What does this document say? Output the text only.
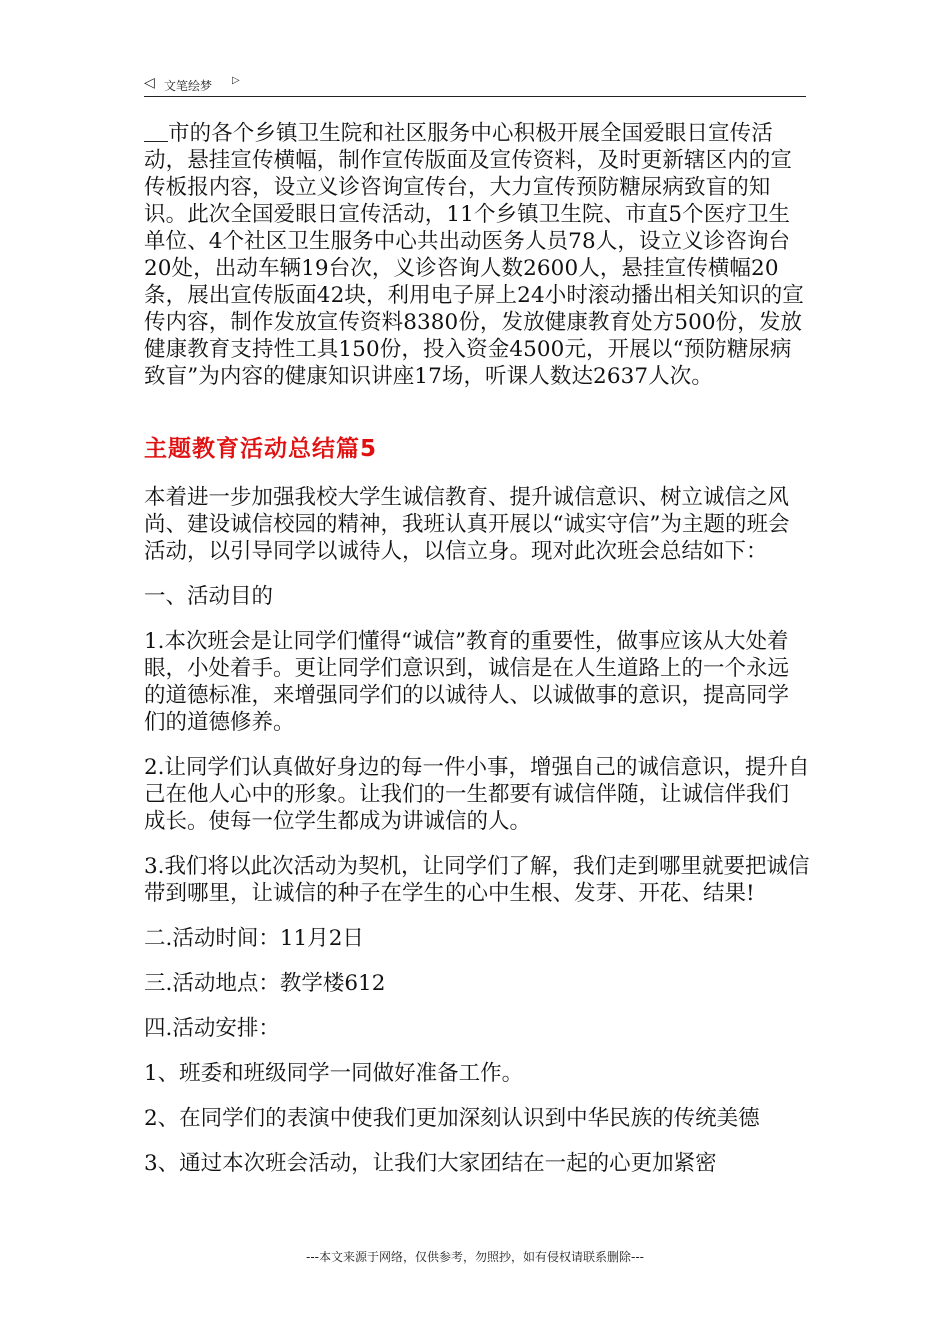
◁ 文笔绘梦 ▷

市的各个乡镇卫生院和社区服务中心积极开展全国爱眼日宣传活动，悬挂宣传横幅，制作宣传版面及宣传资料，及时更新辖区内的宣传板报内容，设立义诊咨询宣传台，大力宣传预防糖尿病致盲的知识。此次全国爱眼日宣传活动，11个乡镇卫生院、市直5个医疗卫生单位、4个社区卫生服务中心共出动医务人员78人，设立义诊咨询台20处，出动车辆19台次，义诊咨询人数2600人，悬挂宣传横幅20条，展出宣传版面42块，利用电子屏上24小时滚动播出相关知识的宣传内容，制作发放宣传资料8380份，发放健康教育处方500份，发放健康教育支持性工具150份，投入资金4500元，开展以“预防糖尿病致盲”为内容的健康知识讲座17场，听课人数达2637人次。

主题教育活动总结篇5

本着进一步加强我校大学生诚信教育、提升诚信意识、树立诚信之风尚、建设诚信校园的精神，我班认真开展以“诚实守信”为主题的班会活动，以引导同学以诚待人，以信立身。现对此次班会总结如下：

一、活动目的

1.本次班会是让同学们懂得“诚信”教育的重要性，做事应该从大处着眼，小处着手。更让同学们意识到，诚信是在人生道路上的一个永远的道德标准，来增强同学们的以诚待人、以诚做事的意识，提高同学们的道德修养。

2.让同学们认真做好身边的每一件小事，增强自己的诚信意识，提升自己在他人心中的形象。让我们的一生都要有诚信伴随，让诚信伴我们成长。使每一位学生都成为讲诚信的人。

3.我们将以此次活动为契机，让同学们了解，我们走到哪里就要把诚信带到哪里，让诚信的种子在学生的心中生根、发芽、开花、结果!

二.活动时间：11月2日

三.活动地点：教学楼612

四.活动安排：

1、班委和班级同学一同做好准备工作。

2、在同学们的表演中使我们更加深刻认识到中华民族的传统美德

3、通过本次班会活动，让我们大家团结在一起的心更加紧密

---本文来源于网络，仅供参考，勿照抄，如有侵权请联系删除---
